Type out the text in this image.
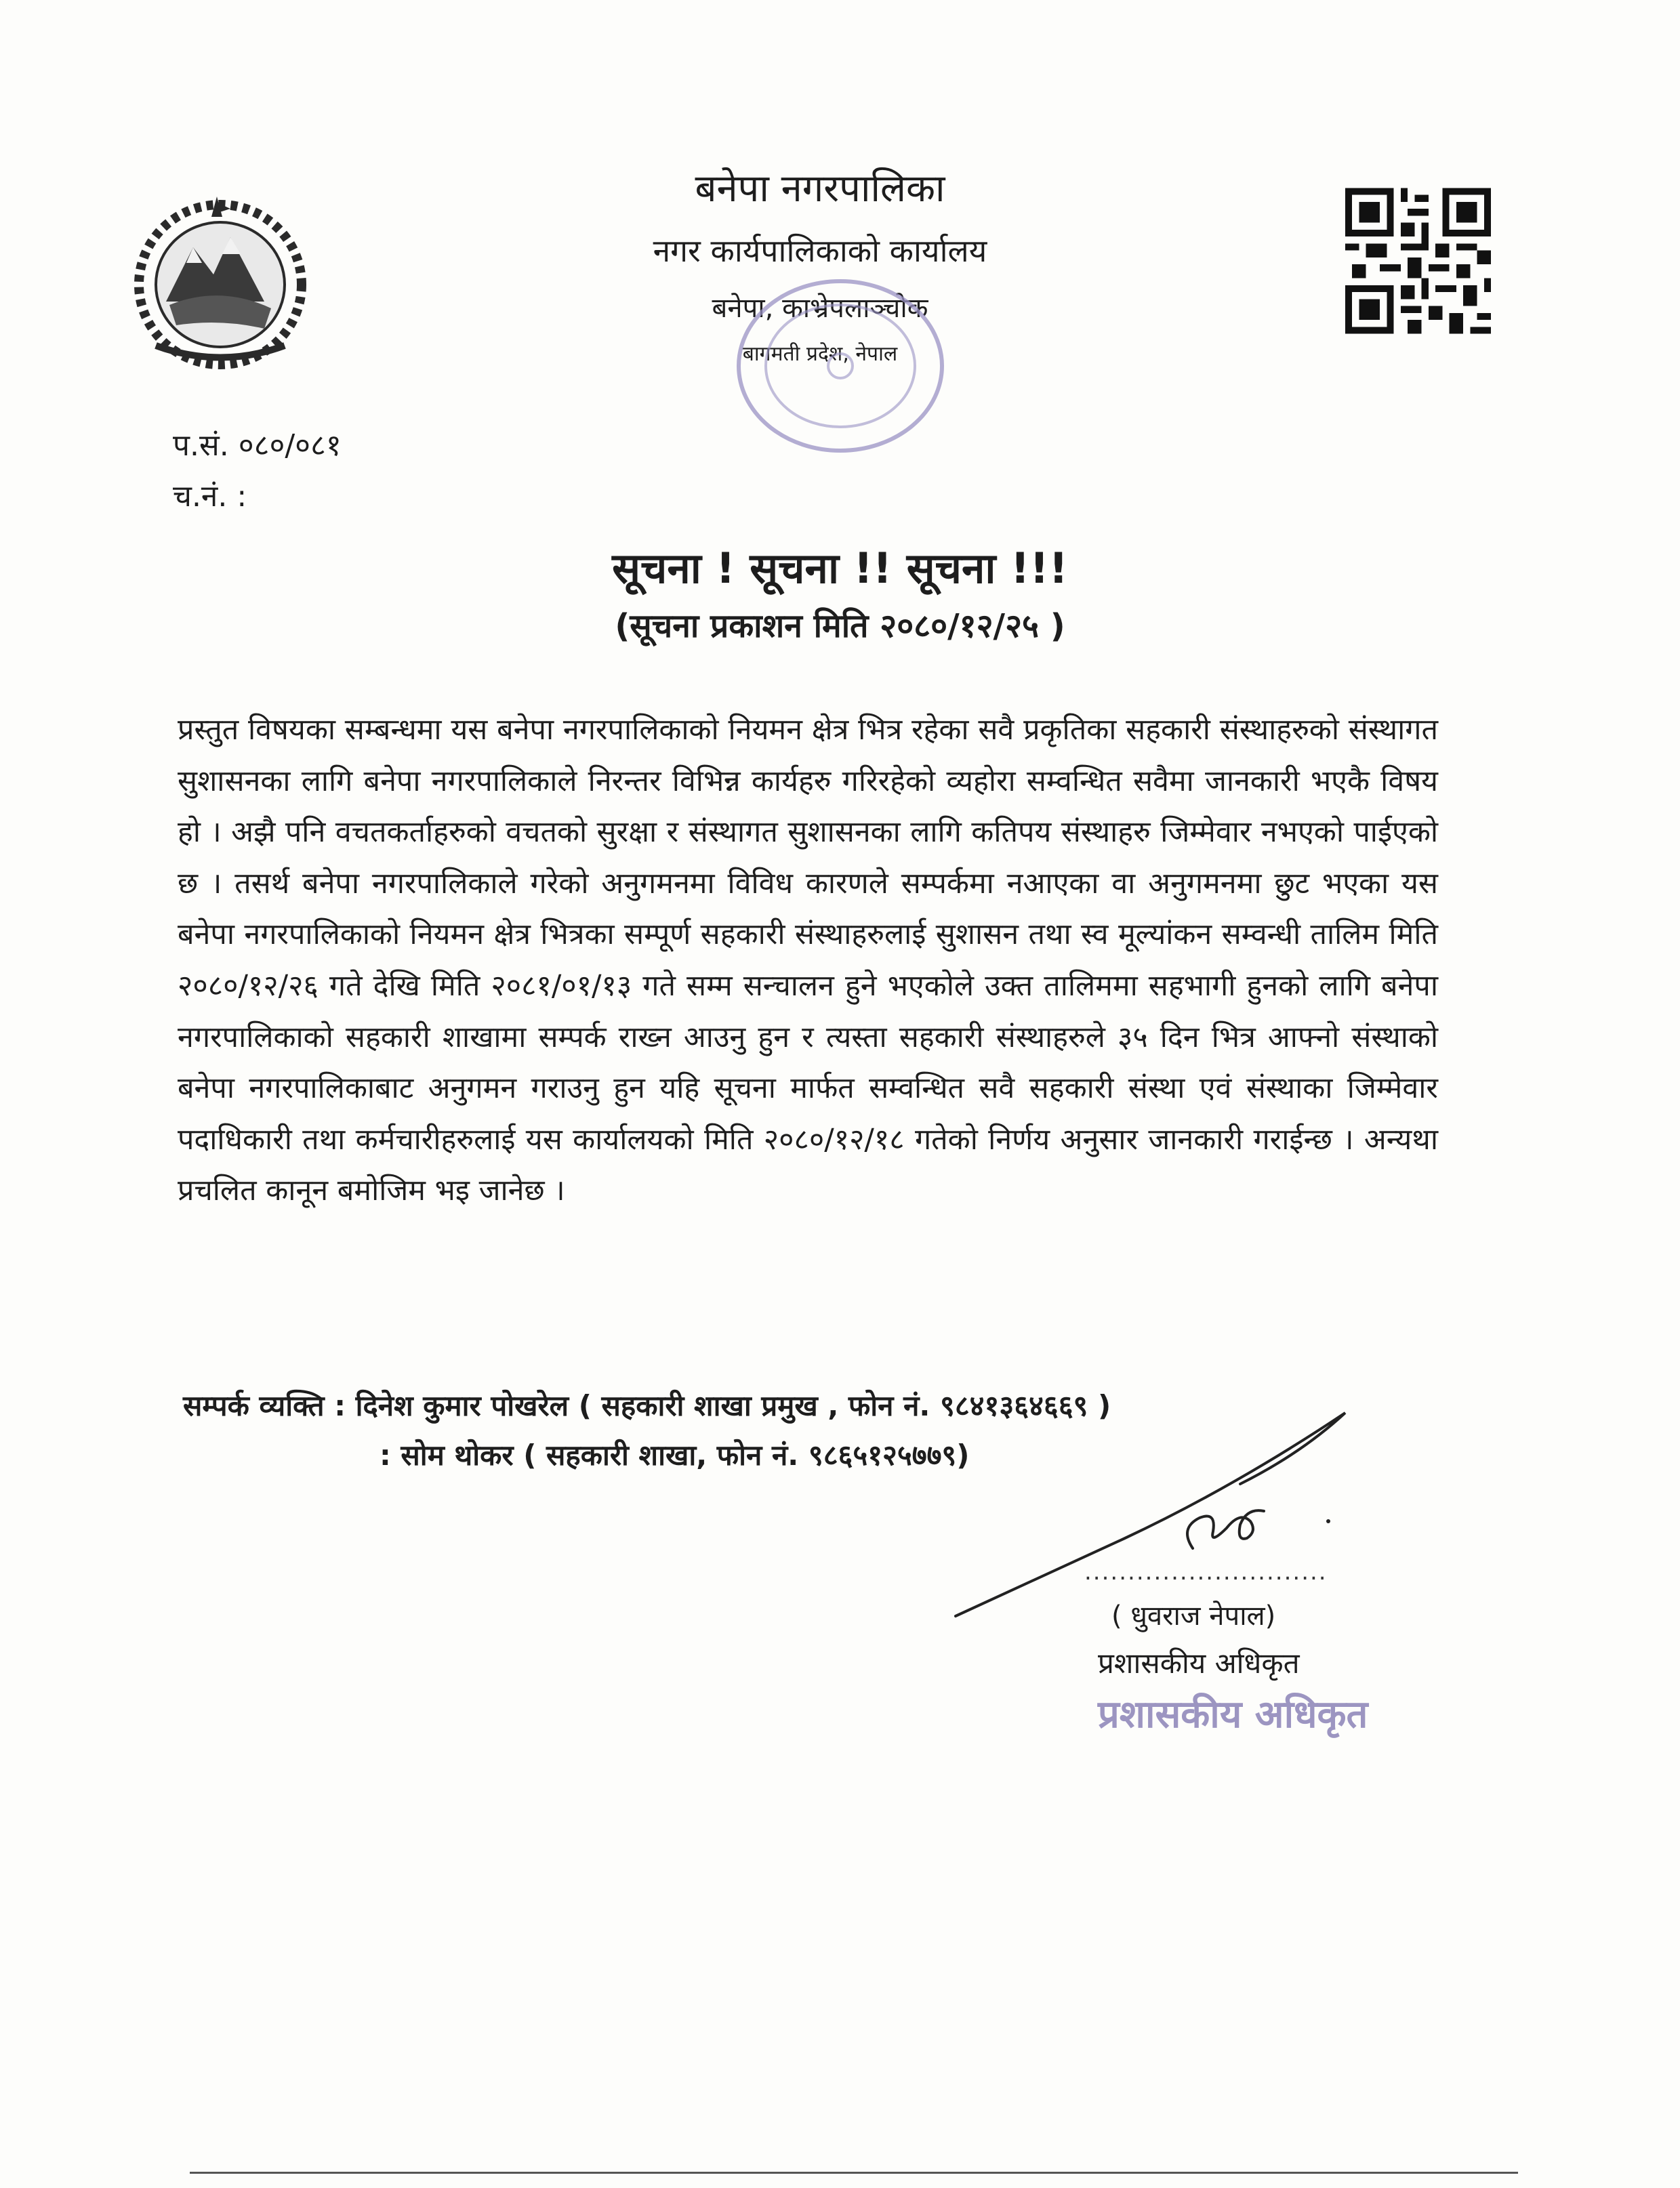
बनेपा नगरपालिका
नगर कार्यपालिकाको कार्यालय
बनेपा, काभ्रेपलाञ्चोक
बागमती प्रदेश, नेपाल
प.सं. ०८०/०८१
च.नं. :
सूचना ! सूचना !! सूचना !!!
(सूचना प्रकाशन मिति २०८०/१२/२५ )
प्रस्तुत विषयका सम्बन्धमा यस बनेपा नगरपालिकाको नियमन क्षेत्र भित्र रहेका सवै प्रकृतिका सहकारी संस्थाहरुको संस्थागत सुशासनका लागि बनेपा नगरपालिकाले निरन्तर विभिन्न कार्यहरु गरिरहेको व्यहोरा सम्वन्धित सवैमा जानकारी भएकै विषय हो । अझै पनि वचतकर्ताहरुको वचतको सुरक्षा र संस्थागत सुशासनका लागि कतिपय संस्थाहरु जिम्मेवार नभएको पाईएको छ । तसर्थ बनेपा नगरपालिकाले गरेको अनुगमनमा विविध कारणले सम्पर्कमा नआएका वा अनुगमनमा छुट भएका यस बनेपा नगरपालिकाको नियमन क्षेत्र भित्रका सम्पूर्ण सहकारी संस्थाहरुलाई सुशासन तथा स्व मूल्यांकन सम्वन्धी तालिम मिति २०८०/१२/२६ गते देखि मिति २०८१/०१/१३ गते सम्म सन्चालन हुने भएकोले उक्त तालिममा सहभागी हुनको लागि बनेपा नगरपालिकाको सहकारी शाखामा सम्पर्क राख्न आउनु हुन र त्यस्ता सहकारी संस्थाहरुले ३५ दिन भित्र आफ्नो संस्थाको बनेपा नगरपालिकाबाट अनुगमन गराउनु हुन यहि सूचना मार्फत सम्वन्धित सवै सहकारी संस्था एवं संस्थाका जिम्मेवार पदाधिकारी तथा कर्मचारीहरुलाई यस कार्यालयको मिति २०८०/१२/१८ गतेको निर्णय अनुसार जानकारी गराईन्छ । अन्यथा प्रचलित कानून बमोजिम भइ जानेछ ।
सम्पर्क व्यक्ति : दिनेश कुमार पोखरेल ( सहकारी शाखा प्रमुख , फोन नं. ९८४१३६४६६९ )
: सोम थोकर ( सहकारी शाखा, फोन नं. ९८६५१२५७७९)
............................
( धुवराज नेपाल)
प्रशासकीय अधिकृत
प्रशासकीय अधिकृत
